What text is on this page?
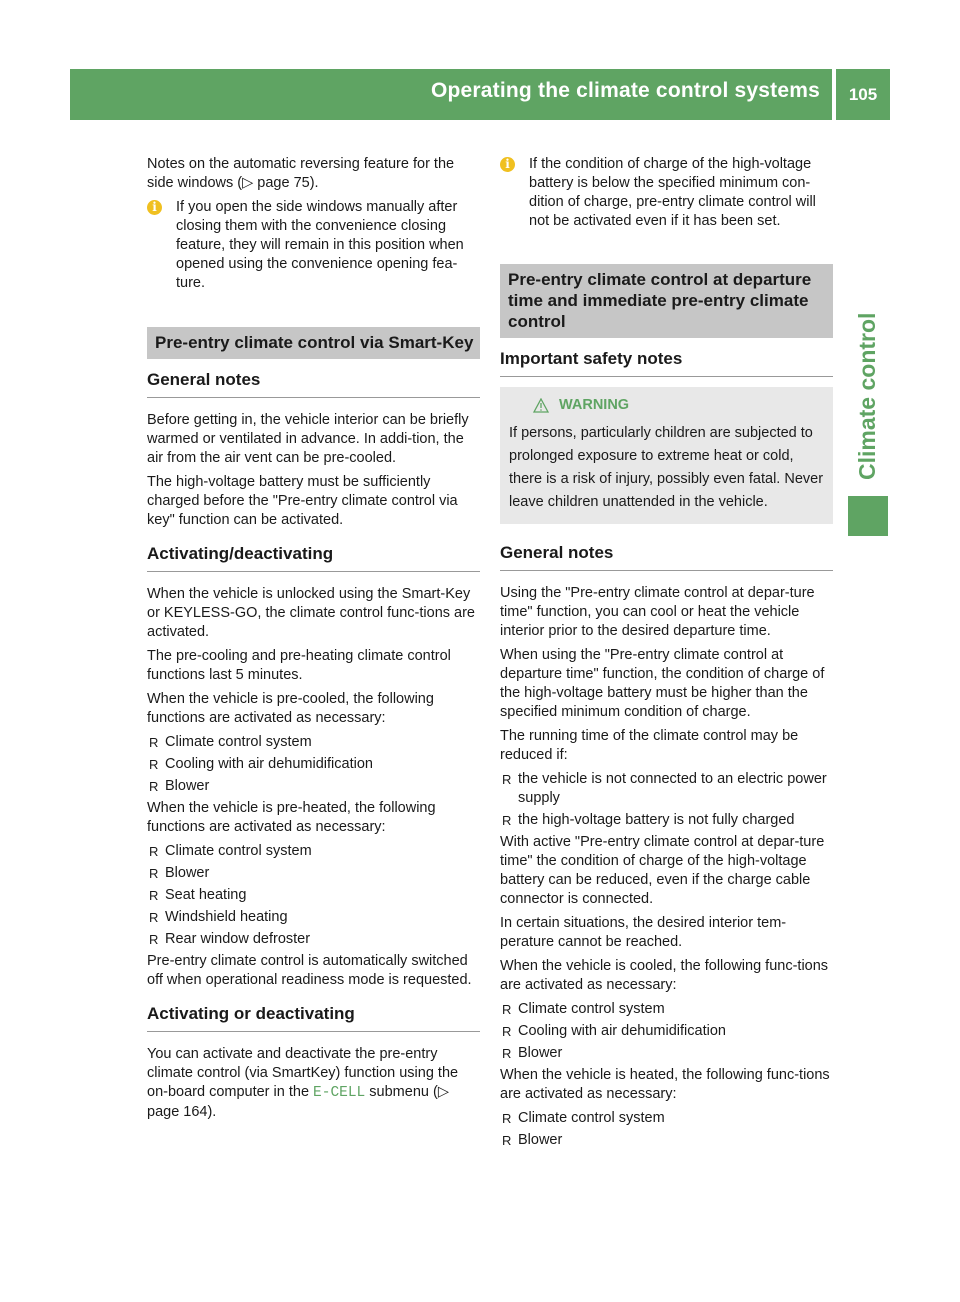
Operating the climate control systems	105
Climate control

Notes on the automatic reversing feature for the
side windows (▷ page 75).

i	If you open the side windows manually after closing them with the convenience closing feature, they will remain in this position when opened using the convenience opening fea-ture.
Pre-entry climate control via Smart-Key
General notes

Before getting in, the vehicle interior can be briefly warmed or ventilated in advance. In addi-tion, the air from the air vent can be pre-cooled.

The high-voltage battery must be sufficiently charged before the "Pre-entry climate control via key" function can be activated.

Activating/deactivating

When the vehicle is unlocked using the Smart-Key or KEYLESS-GO, the climate control func-tions are activated.

The pre-cooling and pre-heating climate control functions last 5 minutes.

When the vehicle is pre-cooled, the following functions are activated as necessary:

R Climate control system
R Cooling with air dehumidification
R Blower

When the vehicle is pre-heated, the following functions are activated as necessary:

R Climate control system
R Blower
R Seat heating
R Windshield heating
R Rear window defroster

Pre-entry climate control is automatically switched off when operational readiness mode is requested.

Activating or deactivating

You can activate and deactivate the pre-entry climate control (via SmartKey) function using the on-board computer in the E-CELL submenu (▷ page 164).

i	If the condition of charge of the high-voltage battery is below the specified minimum con-dition of charge, pre-entry climate control will not be activated even if it has been set.
Pre-entry climate control at departure time and immediate pre-entry climate control
Important safety notes
WARNING
If persons, particularly children are subjected to prolonged exposure to extreme heat or cold, there is a risk of injury, possibly even fatal. Never leave children unattended in the vehicle.
General notes

Using the "Pre-entry climate control at depar-ture time" function, you can cool or heat the vehicle interior prior to the desired departure time.

When using the "Pre-entry climate control at departure time" function, the condition of charge of the high-voltage battery must be higher than the specified minimum condition of charge.

The running time of the climate control may be reduced if:

R the vehicle is not connected to an electric power supply
R the high-voltage battery is not fully charged

With active "Pre-entry climate control at depar-ture time" the condition of charge of the high-voltage battery can be reduced, even if the charge cable connector is connected.

In certain situations, the desired interior tem-perature cannot be reached.

When the vehicle is cooled, the following func-tions are activated as necessary:

R Climate control system
R Cooling with air dehumidification
R Blower

When the vehicle is heated, the following func-tions are activated as necessary:

R Climate control system
R Blower
